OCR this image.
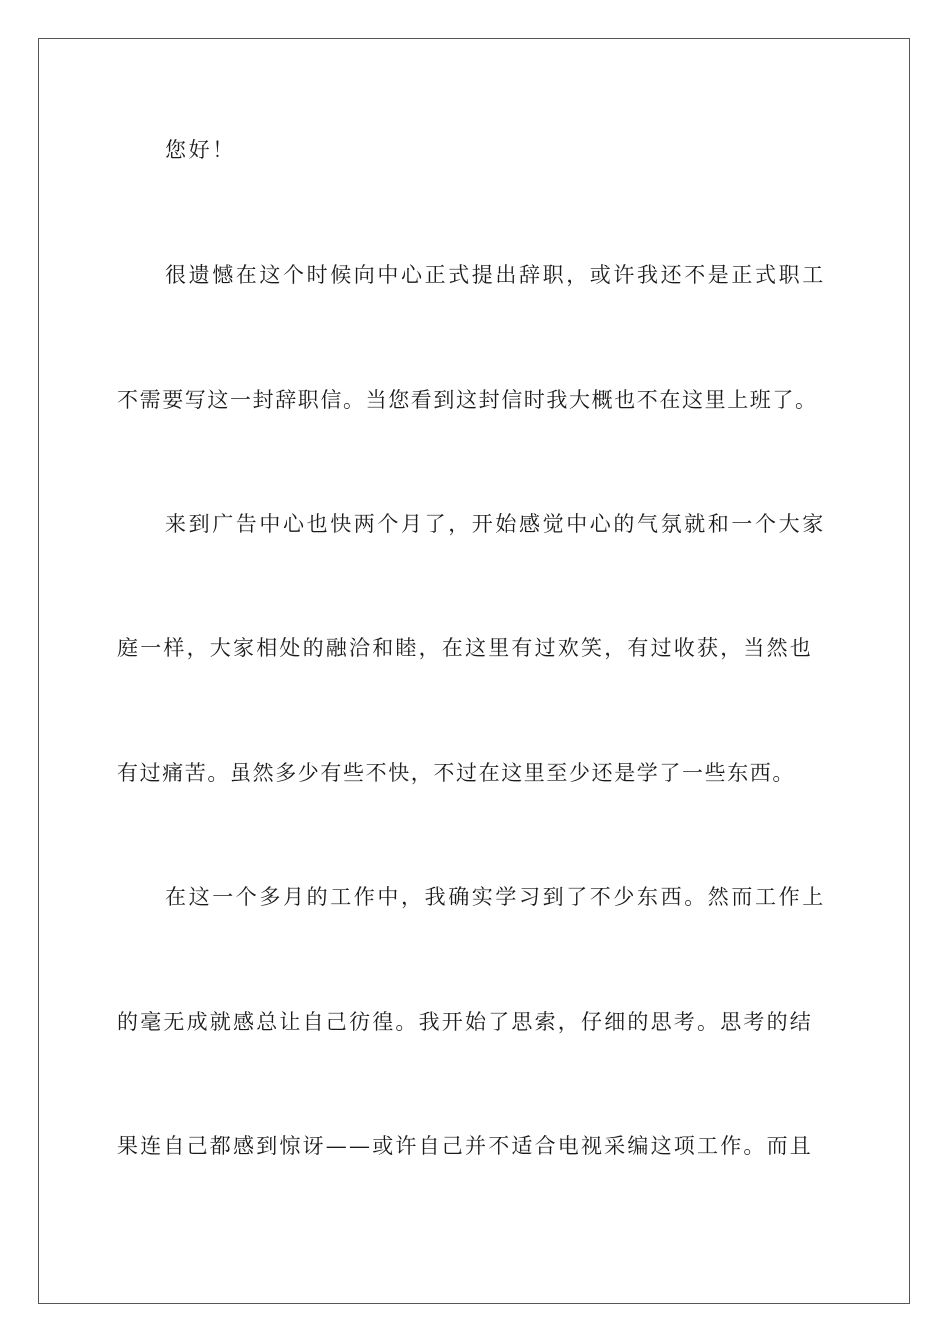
您好！
很遗憾在这个时候向中心正式提出辞职，或许我还不是正式职工
不需要写这一封辞职信。当您看到这封信时我大概也不在这里上班了。
来到广告中心也快两个月了，开始感觉中心的气氛就和一个大家
庭一样，大家相处的融洽和睦，在这里有过欢笑，有过收获，当然也
有过痛苦。虽然多少有些不快，不过在这里至少还是学了一些东西。
在这一个多月的工作中，我确实学习到了不少东西。然而工作上
的毫无成就感总让自己彷徨。我开始了思索，仔细的思考。思考的结
果连自己都感到惊讶——或许自己并不适合电视采编这项工作。而且
